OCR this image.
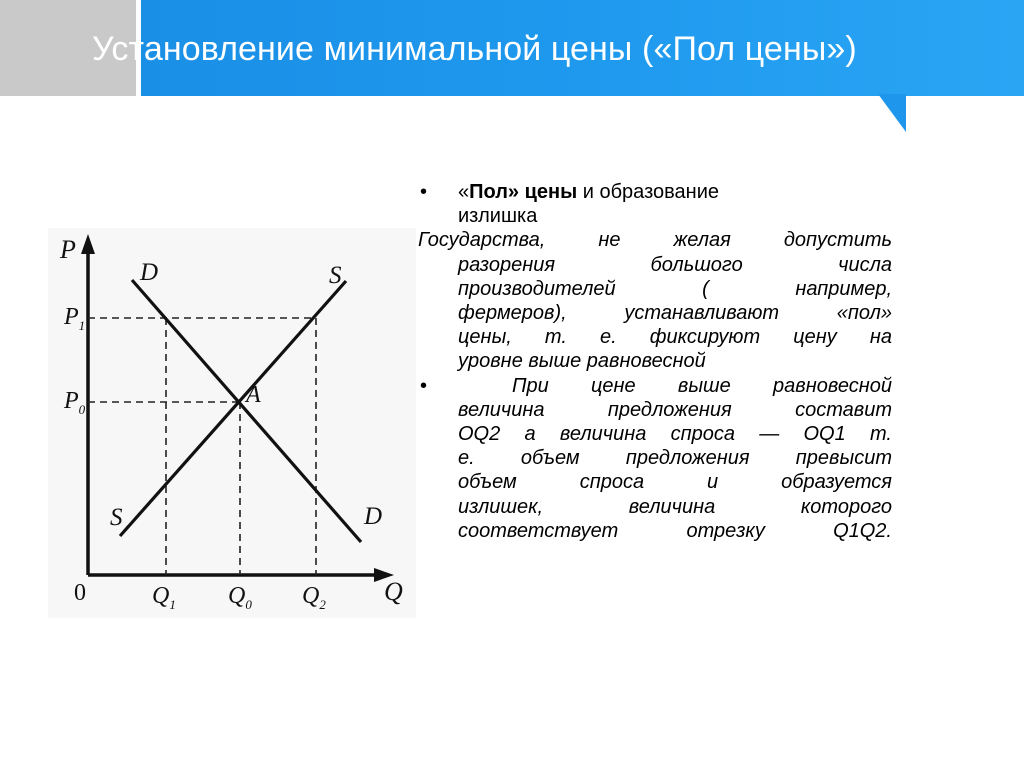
Установление минимальной цены («Пол цены»)
P
Q
D
D
S
S
A
$P_1$
$P_0$
$Q_1$ $Q_0$ $Q_2$
0
• «Пол» цены и образование
излишка
Государства, не желая допустить
разорения большого числа
производителей ( например,
фермеров), устанавливают «пол»
цены, т. е. фиксируют цену на
уровне выше равновесной
•	При цене выше равновесной
величина предложения составит
OQ2 а величина спроса — OQ1 т.
е. объем предложения превысит
объем спроса и образуется
излишек, величина которого
соответствует отрезку Q1Q2.
